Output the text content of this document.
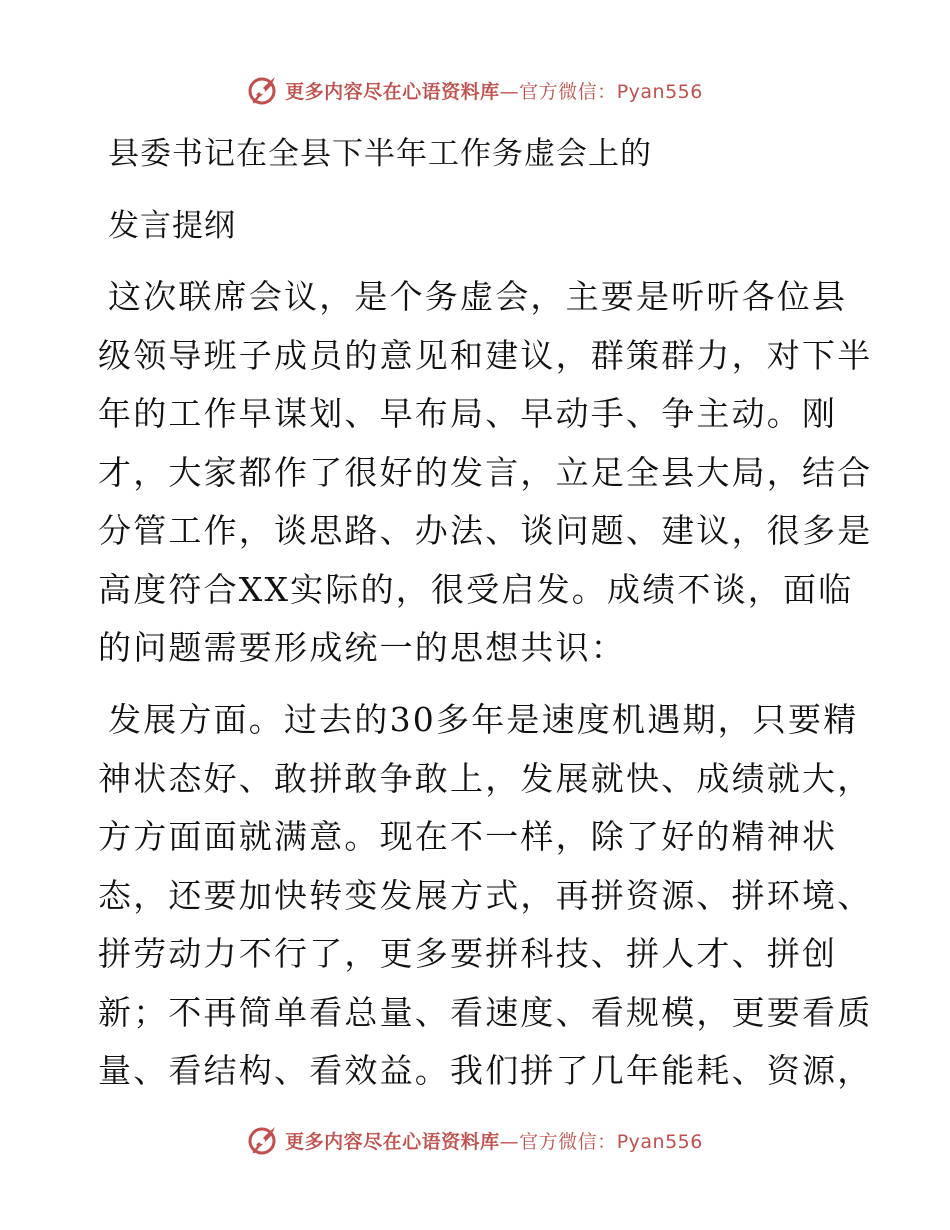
更多内容尽在心语资料库—官方微信：Pyan556
县委书记在全县下半年工作务虚会上的
发言提纲
这次联席会议，是个务虚会，主要是听听各位县
级领导班子成员的意见和建议，群策群力，对下半
年的工作早谋划、早布局、早动手、争主动。刚
才，大家都作了很好的发言，立足全县大局，结合
分管工作，谈思路、办法、谈问题、建议，很多是
高度符合XX实际的，很受启发。成绩不谈，面临
的问题需要形成统一的思想共识：
发展方面。过去的30多年是速度机遇期，只要精
神状态好、敢拼敢争敢上，发展就快、成绩就大，
方方面面就满意。现在不一样，除了好的精神状
态，还要加快转变发展方式，再拼资源、拼环境、
拼劳动力不行了，更多要拼科技、拼人才、拼创
新；不再简单看总量、看速度、看规模，更要看质
量、看结构、看效益。我们拼了几年能耗、资源，
更多内容尽在心语资料库—官方微信：Pyan556
